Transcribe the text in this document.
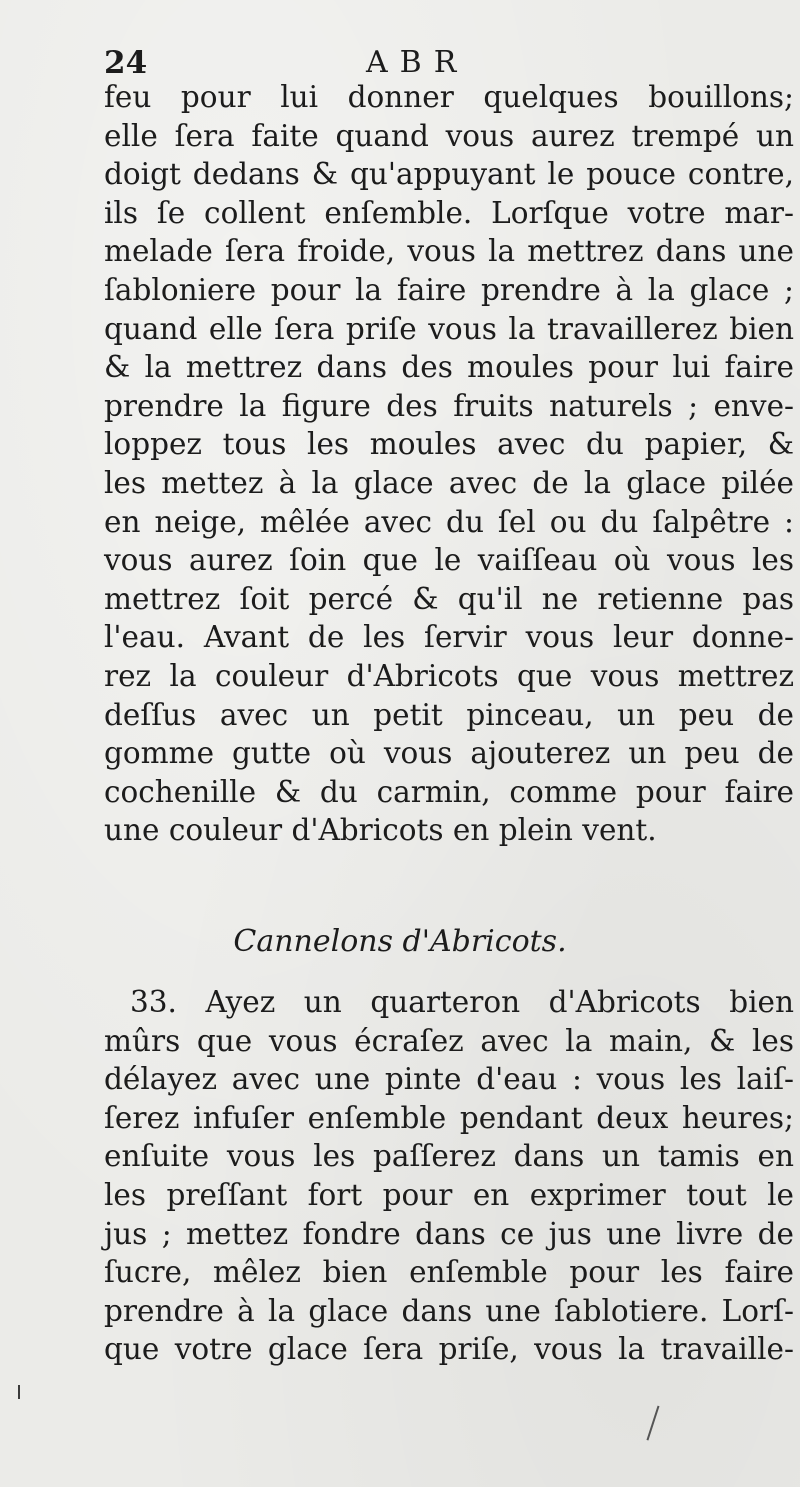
24	ABR
feu pour lui donner quelques bouillons;
elle ſera faite quand vous aurez trempé un
doigt dedans & qu'appuyant le pouce contre,
ils ſe collent enſemble. Lorſque votre mar-
melade ſera froide, vous la mettrez dans une
ſabloniere pour la faire prendre à la glace ;
quand elle ſera priſe vous la travaillerez bien
& la mettrez dans des moules pour lui faire
prendre la figure des fruits naturels ; enve-
loppez tous les moules avec du papier, &
les mettez à la glace avec de la glace pilée
en neige, mêlée avec du ſel ou du ſalpêtre :
vous aurez ſoin que le vaiſſeau où vous les
mettrez ſoit percé & qu'il ne retienne pas
l'eau. Avant de les ſervir vous leur donne-
rez la couleur d'Abricots que vous mettrez
deſſus avec un petit pinceau, un peu de
gomme gutte où vous ajouterez un peu de
cochenille & du carmin, comme pour faire
une couleur d'Abricots en plein vent.
Cannelons d'Abricots.
33. Ayez un quarteron d'Abricots bien
mûrs que vous écraſez avec la main, & les
délayez avec une pinte d'eau : vous les laiſ-
ſerez infuſer enſemble pendant deux heures;
enſuite vous les paſſerez dans un tamis en
les preſſant fort pour en exprimer tout le
jus ; mettez fondre dans ce jus une livre de
ſucre, mêlez bien enſemble pour les faire
prendre à la glace dans une ſablotiere. Lorſ-
que votre glace ſera priſe, vous la travaille-
